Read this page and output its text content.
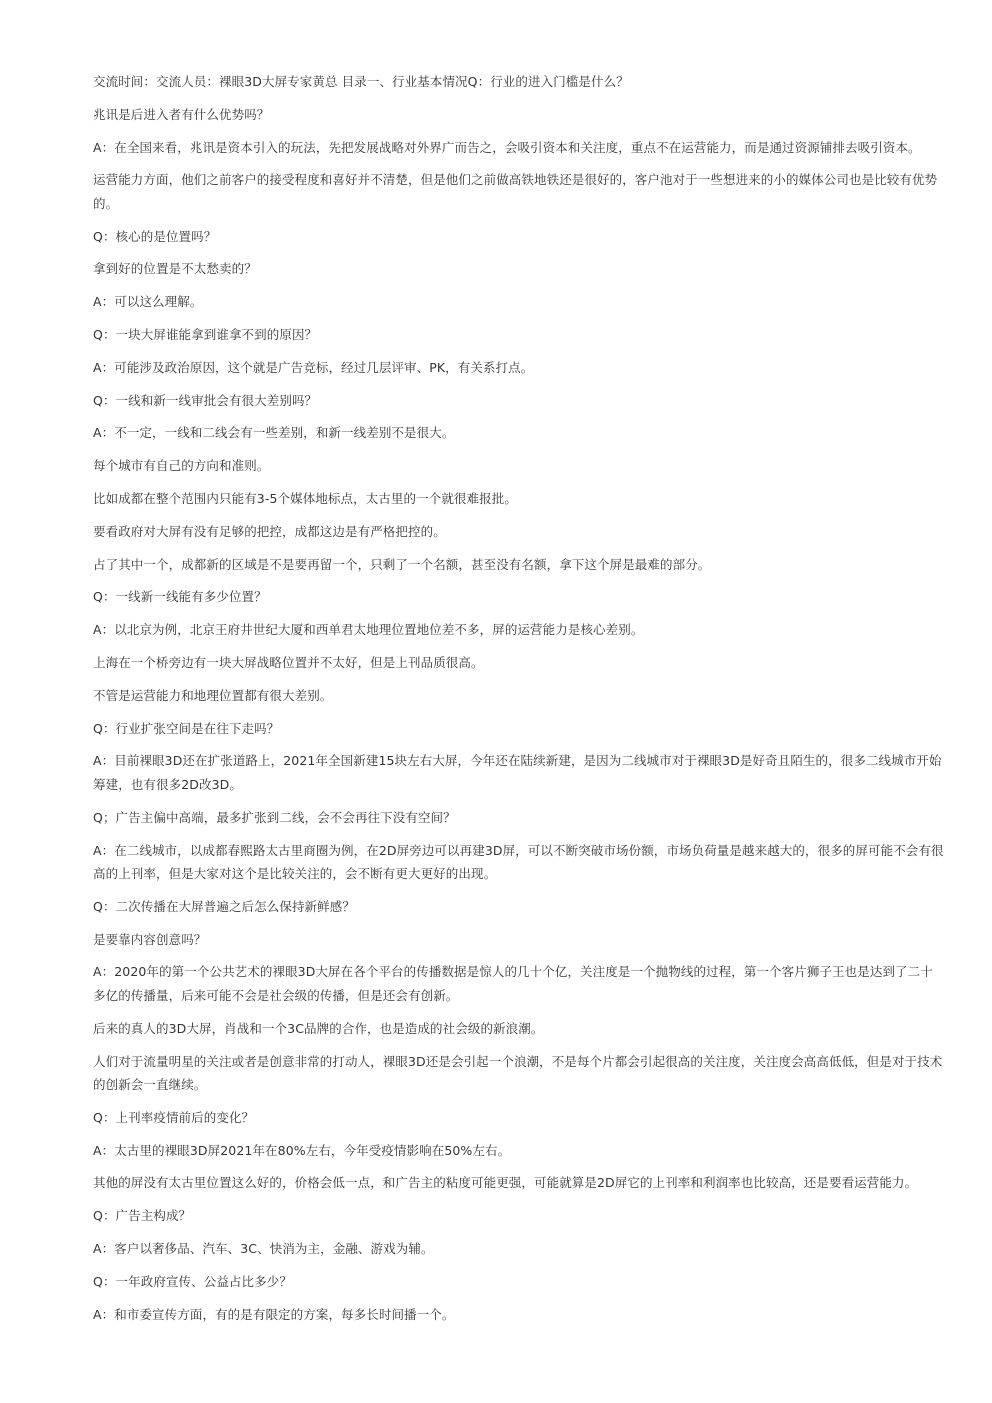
交流时间：交流人员：裸眼3D大屏专家黄总 目录一、行业基本情况Q：行业的进入门槛是什么？

兆讯是后进入者有什么优势吗？

A：在全国来看，兆讯是资本引入的玩法，先把发展战略对外界广而告之，会吸引资本和关注度，重点不在运营能力，而是通过资源铺排去吸引资本。

运营能力方面，他们之前客户的接受程度和喜好并不清楚，但是他们之前做高铁地铁还是很好的，客户池对于一些想进来的小的媒体公司也是比较有优势的。

Q：核心的是位置吗？

拿到好的位置是不太愁卖的？

A：可以这么理解。

Q：一块大屏谁能拿到谁拿不到的原因？

A：可能涉及政治原因，这个就是广告竞标，经过几层评审、PK，有关系打点。

Q：一线和新一线审批会有很大差别吗？

A：不一定，一线和二线会有一些差别，和新一线差别不是很大。

每个城市有自己的方向和准则。

比如成都在整个范围内只能有3-5个媒体地标点，太古里的一个就很难报批。

要看政府对大屏有没有足够的把控，成都这边是有严格把控的。

占了其中一个，成都新的区域是不是要再留一个，只剩了一个名额，甚至没有名额，拿下这个屏是最难的部分。

Q：一线新一线能有多少位置？

A：以北京为例，北京王府井世纪大厦和西单君太地理位置地位差不多，屏的运营能力是核心差别。

上海在一个桥旁边有一块大屏战略位置并不太好，但是上刊品质很高。

不管是运营能力和地理位置都有很大差别。

Q：行业扩张空间是在往下走吗？

A：目前裸眼3D还在扩张道路上，2021年全国新建15块左右大屏，今年还在陆续新建，是因为二线城市对于裸眼3D是好奇且陌生的，很多二线城市开始筹建，也有很多2D改3D。

Q；广告主偏中高端，最多扩张到二线，会不会再往下没有空间？

A：在二线城市，以成都春熙路太古里商圈为例，在2D屏旁边可以再建3D屏，可以不断突破市场份额，市场负荷量是越来越大的，很多的屏可能不会有很高的上刊率，但是大家对这个是比较关注的，会不断有更大更好的出现。

Q：二次传播在大屏普遍之后怎么保持新鲜感？

是要靠内容创意吗？

A：2020年的第一个公共艺术的裸眼3D大屏在各个平台的传播数据是惊人的几十个亿，关注度是一个抛物线的过程，第一个客片狮子王也是达到了二十多亿的传播量，后来可能不会是社会级的传播，但是还会有创新。

后来的真人的3D大屏，肖战和一个3C品牌的合作，也是造成的社会级的新浪潮。

人们对于流量明星的关注或者是创意非常的打动人，裸眼3D还是会引起一个浪潮，不是每个片都会引起很高的关注度，关注度会高高低低，但是对于技术的创新会一直继续。

Q：上刊率疫情前后的变化？

A：太古里的裸眼3D屏2021年在80%左右，今年受疫情影响在50%左右。

其他的屏没有太古里位置这么好的，价格会低一点，和广告主的粘度可能更强，可能就算是2D屏它的上刊率和利润率也比较高，还是要看运营能力。

Q：广告主构成？

A：客户以奢侈品、汽车、3C、快消为主，金融、游戏为辅。

Q：一年政府宣传、公益占比多少？

A：和市委宣传方面，有的是有限定的方案，每多长时间播一个。
